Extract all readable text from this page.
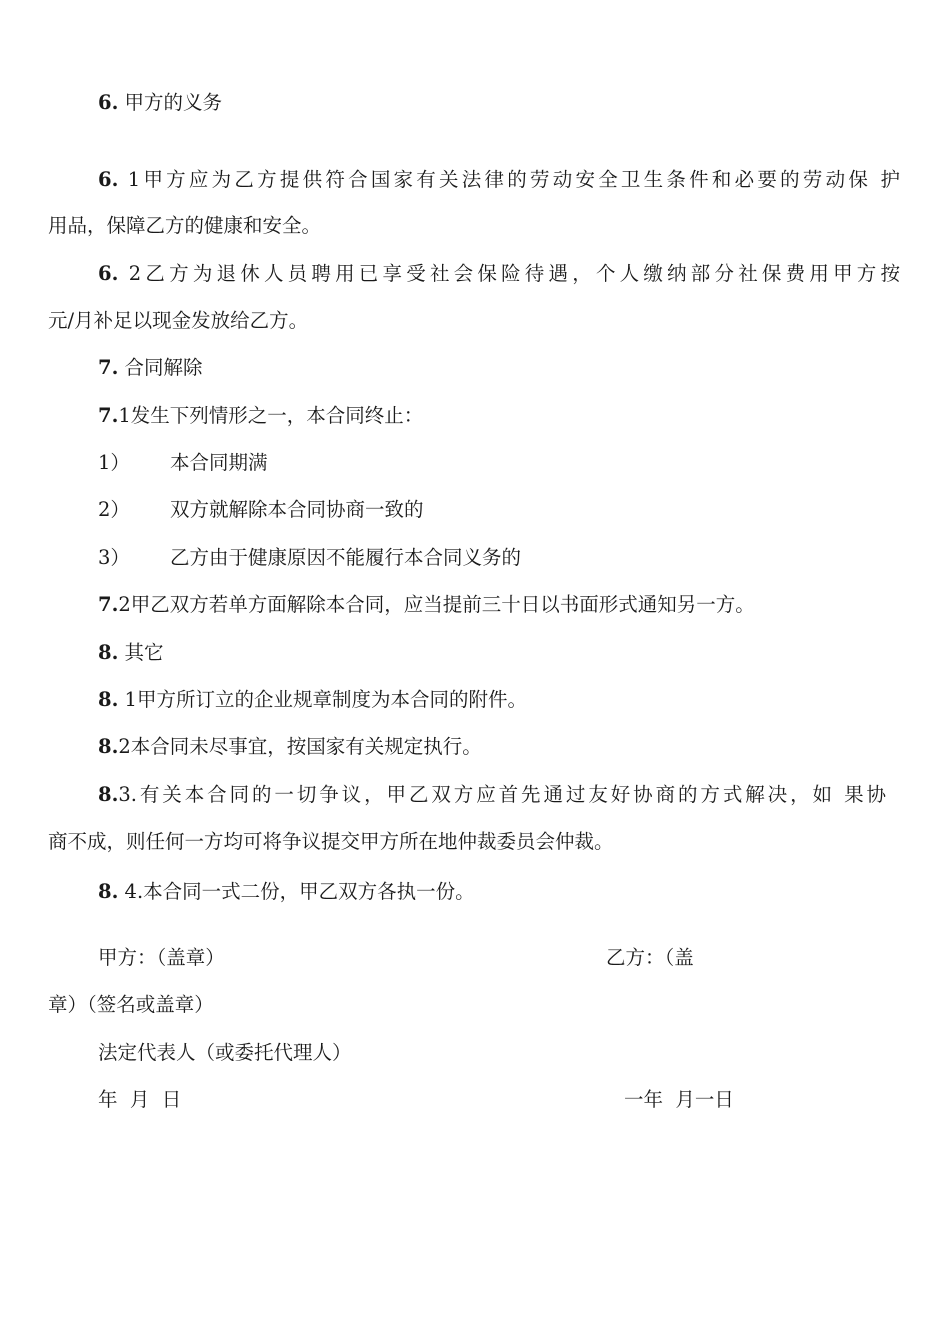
6. 甲方的义务
6. 1甲方应为乙方提供符合国家有关法律的劳动安全卫生条件和必要的劳动保 护
用品，保障乙方的健康和安全。
6. 2乙方为退休人员聘用已享受社会保险待遇，个人缴纳部分社保费用甲方按
元/月补足以现金发放给乙方。
7. 合同解除
7.1发生下列情形之一，本合同终止：
1） 本合同期满
2） 双方就解除本合同协商一致的
3） 乙方由于健康原因不能履行本合同义务的
7.2甲乙双方若单方面解除本合同，应当提前三十日以书面形式通知另一方。
8. 其它
8. 1甲方所订立的企业规章制度为本合同的附件。
8.2本合同未尽事宜，按国家有关规定执行。
8.3.有关本合同的一切争议，甲乙双方应首先通过友好协商的方式解决，如 果协
商不成，则任何一方均可将争议提交甲方所在地仲裁委员会仲裁。
8. 4.本合同一式二份，甲乙双方各执一份。
甲方：（盖章）	乙方：（盖
章）（签名或盖章）
法定代表人（或委托代理人）
年  月  日	一年  月一日
